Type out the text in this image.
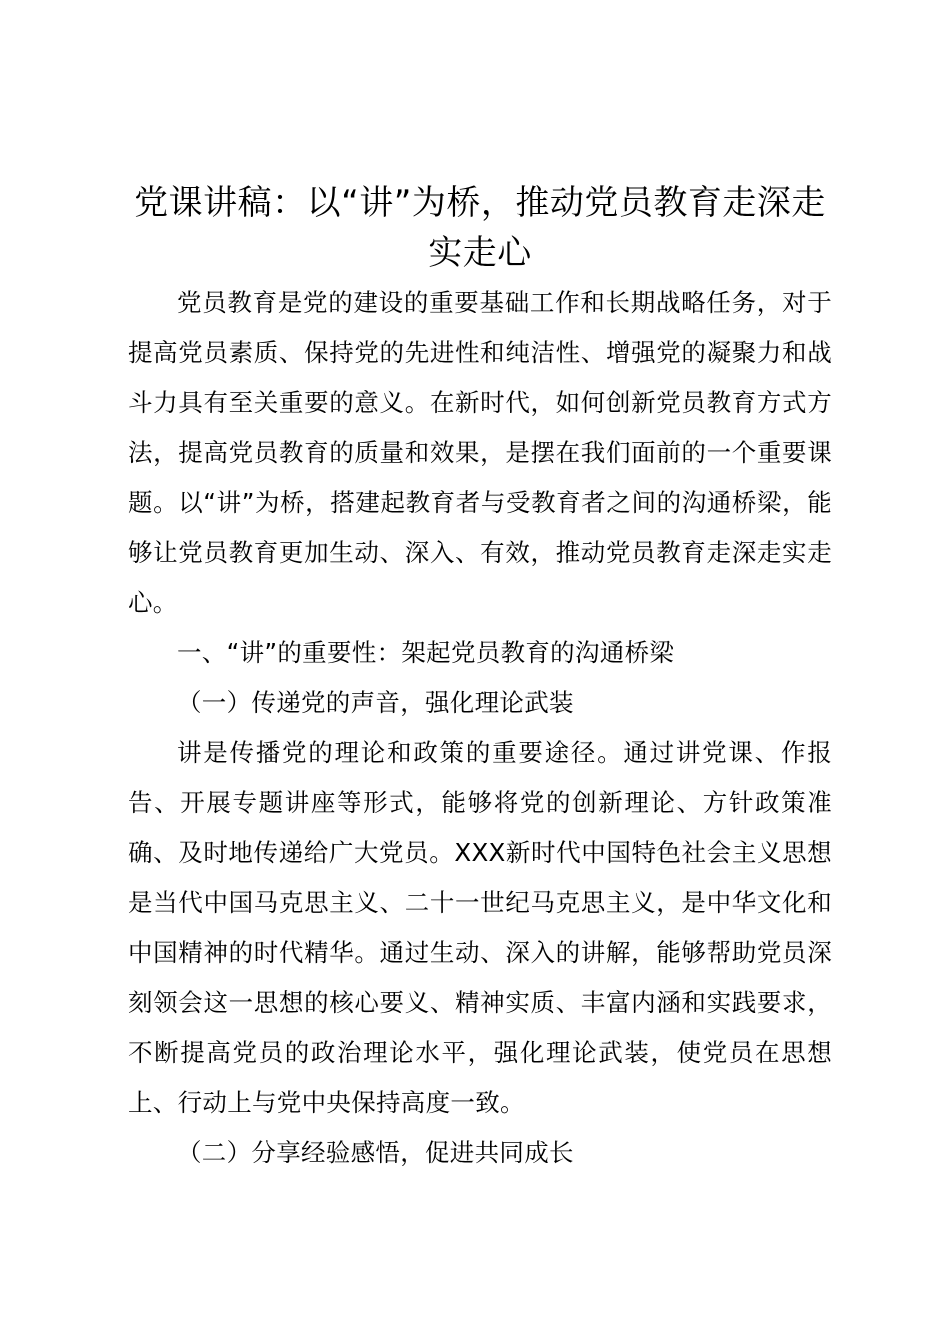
党课讲稿：以“讲”为桥，推动党员教育走深走实走心

党员教育是党的建设的重要基础工作和长期战略任务，对于提高党员素质、保持党的先进性和纯洁性、增强党的凝聚力和战斗力具有至关重要的意义。在新时代，如何创新党员教育方式方法，提高党员教育的质量和效果，是摆在我们面前的一个重要课题。以“讲”为桥，搭建起教育者与受教育者之间的沟通桥梁，能够让党员教育更加生动、深入、有效，推动党员教育走深走实走心。

一、“讲”的重要性：架起党员教育的沟通桥梁

（一）传递党的声音，强化理论武装

讲是传播党的理论和政策的重要途径。通过讲党课、作报告、开展专题讲座等形式，能够将党的创新理论、方针政策准确、及时地传递给广大党员。XXX新时代中国特色社会主义思想是当代中国马克思主义、二十一世纪马克思主义，是中华文化和中国精神的时代精华。通过生动、深入的讲解，能够帮助党员深刻领会这一思想的核心要义、精神实质、丰富内涵和实践要求，不断提高党员的政治理论水平，强化理论武装，使党员在思想上、行动上与党中央保持高度一致。

（二）分享经验感悟，促进共同成长
